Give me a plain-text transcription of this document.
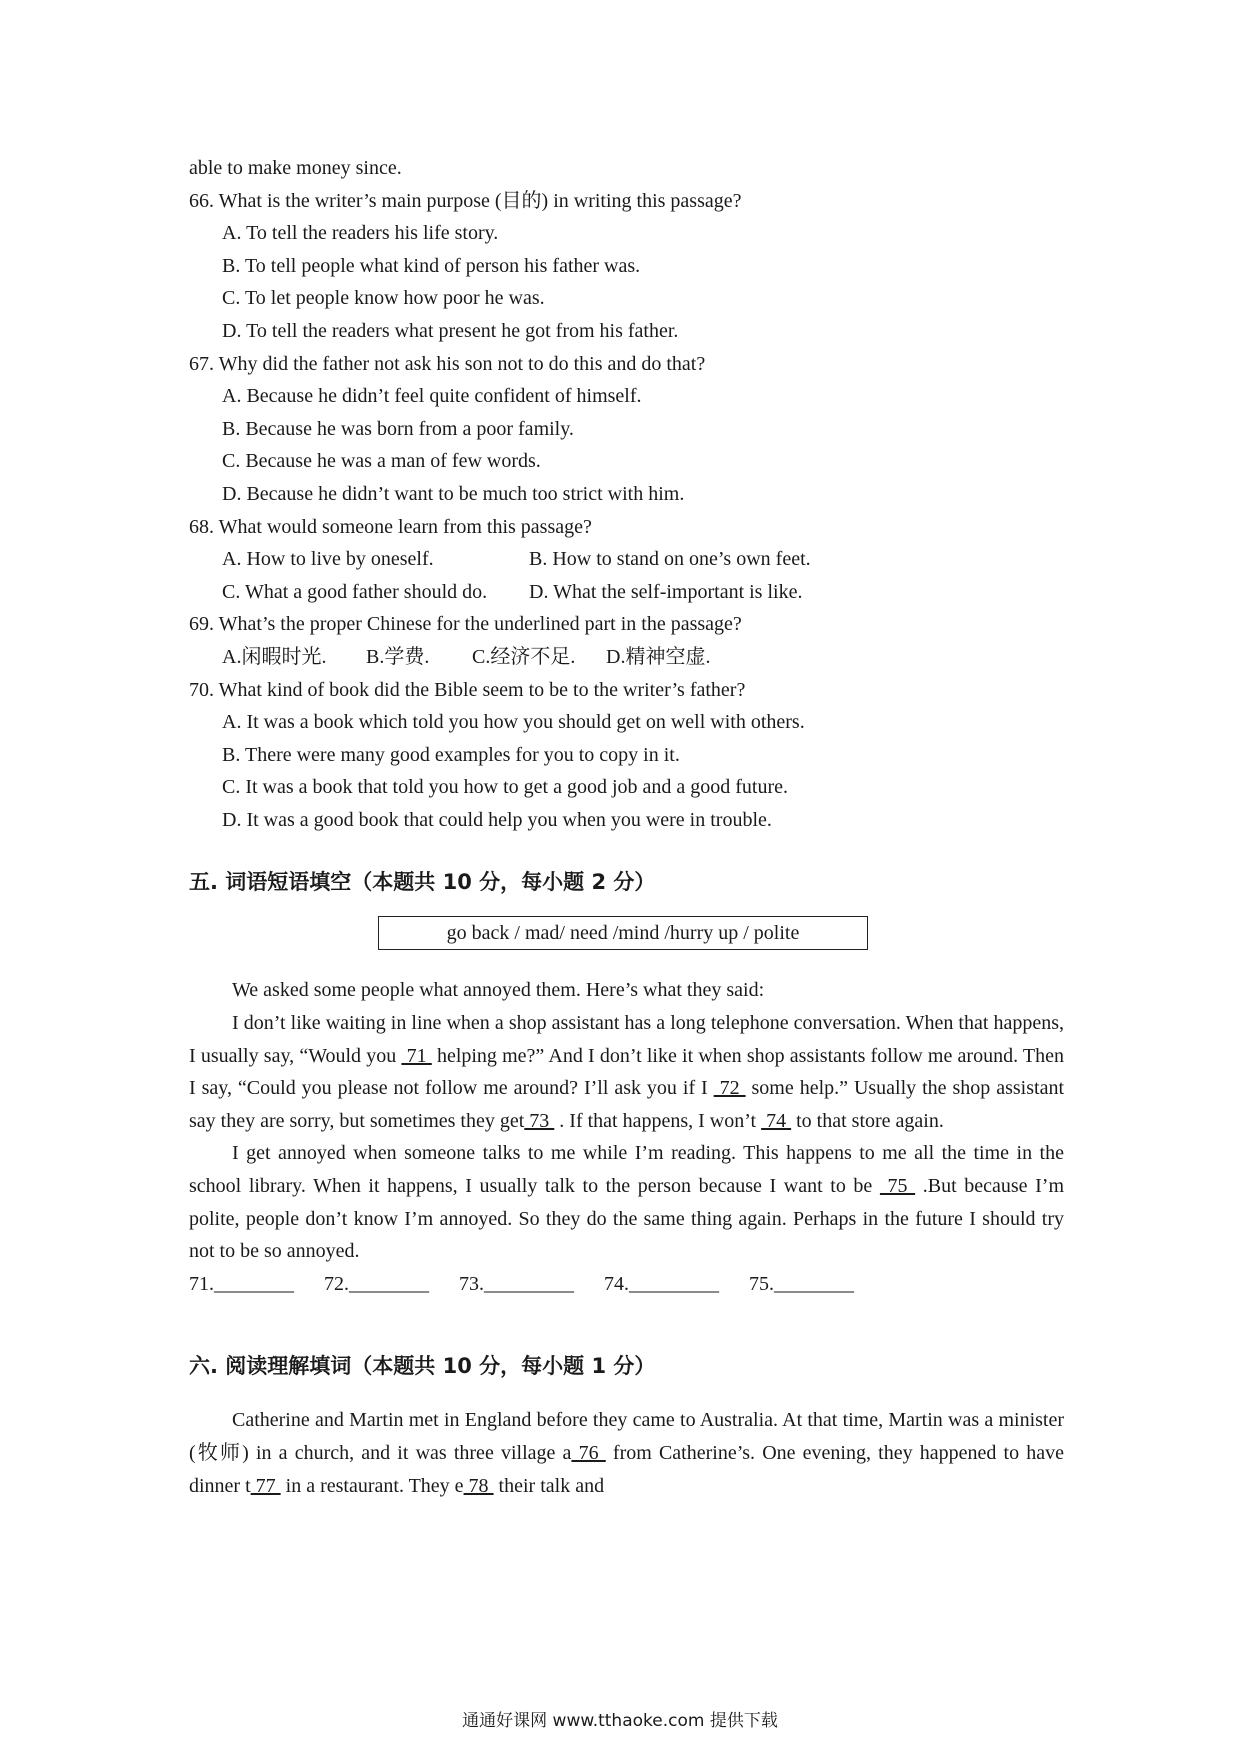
able to make money since.
66. What is the writer’s main purpose (目的) in writing this passage?
A. To tell the readers his life story.
B. To tell people what kind of person his father was.
C. To let people know how poor he was.
D. To tell the readers what present he got from his father.
67. Why did the father not ask his son not to do this and do that?
A. Because he didn’t feel quite confident of himself.
B. Because he was born from a poor family.
C. Because he was a man of few words.
D. Because he didn’t want to be much too strict with him.
68. What would someone learn from this passage?
A. How to live by oneself.	B. How to stand on one’s own feet.
C. What a good father should do.	D. What the self-important is like.
69. What’s the proper Chinese for the underlined part in the passage?
A.闲暇时光.	B.学费.	C.经济不足.	D.精神空虚.
70. What kind of book did the Bible seem to be to the writer’s father?
A. It was a book which told you how you should get on well with others.
B. There were many good examples for you to copy in it.
C. It was a book that told you how to get a good job and a good future.
D. It was a good book that could help you when you were in trouble.
五. 词语短语填空（本题共 10 分，每小题 2 分）
go back / mad/ need /mind /hurry up / polite

We asked some people what annoyed them. Here’s what they said:

I don’t like waiting in line when a shop assistant has a long telephone conversation. When that happens, I usually say, “Would you  71  helping me?” And I don’t like it when shop assistants follow me around. Then I say, “Could you please not follow me around? I’ll ask you if I  72  some help.” Usually the shop assistant say they are sorry, but sometimes they get 73  . If that happens, I won’t  74  to that store again.

I get annoyed when someone talks to me while I’m reading. This happens to me all the time in the school library. When it happens, I usually talk to the person because I want to be  75  .But because I’m polite, people don’t know I’m annoyed. So they do the same thing again. Perhaps in the future I should try not to be so annoyed.

71.________ 72.________ 73._________ 74._________ 75.________
六. 阅读理解填词（本题共 10 分，每小题 1 分）

Catherine and Martin met in England before they came to Australia. At that time, Martin was a minister (牧师) in a church, and it was three village a 76  from Catherine’s. One evening, they happened to have dinner t 77  in a restaurant. They e 78  their talk and

通通好课网 www.tthaoke.com 提供下载
